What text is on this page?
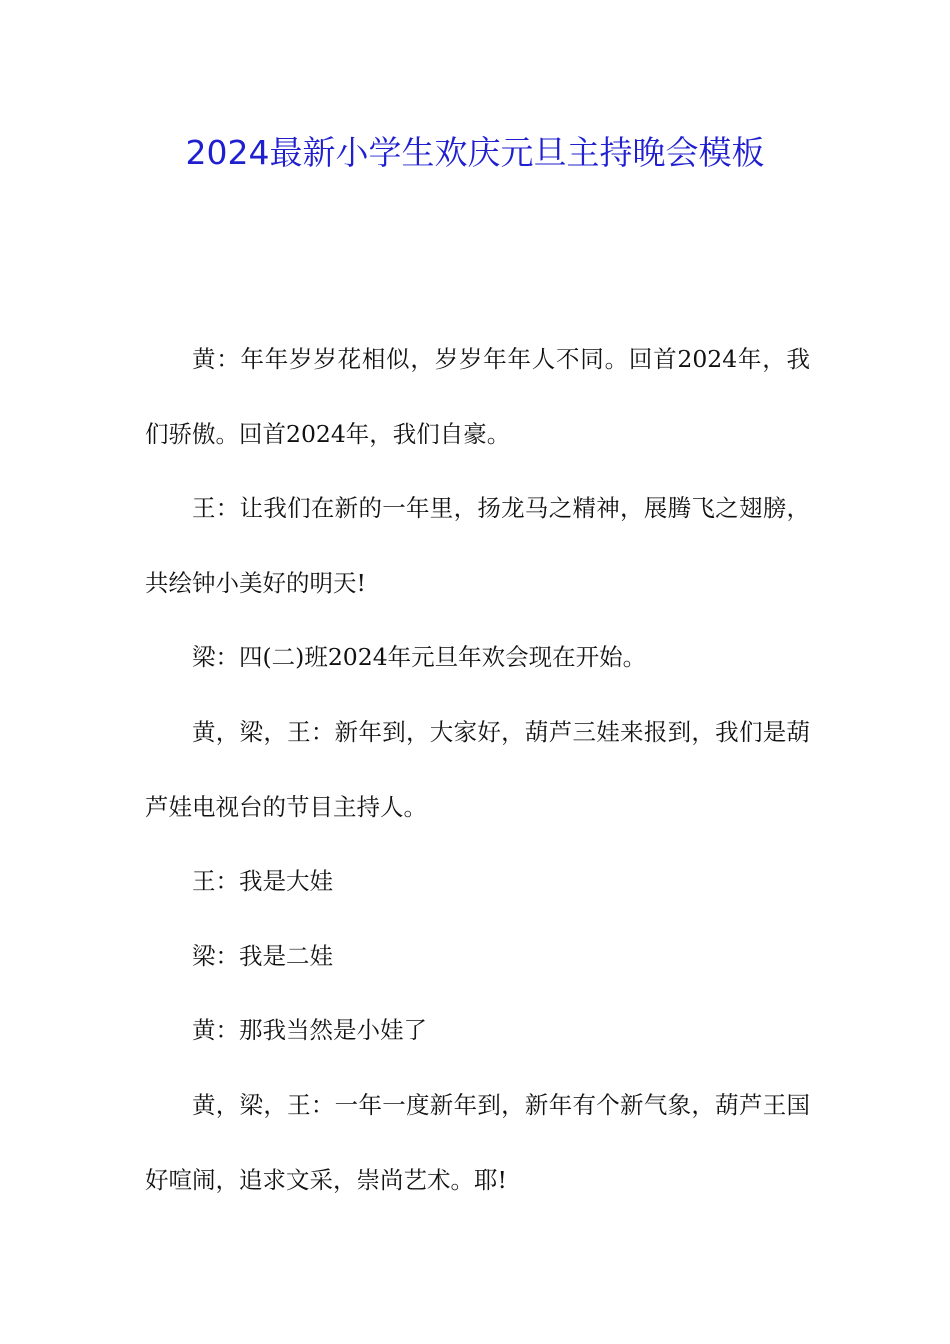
2024最新小学生欢庆元旦主持晚会模板

黄：年年岁岁花相似，岁岁年年人不同。回首2024年，我们骄傲。回首2024年，我们自豪。

王：让我们在新的一年里，扬龙马之精神，展腾飞之翅膀，共绘钟小美好的明天!

梁：四(二)班2024年元旦年欢会现在开始。

黄，梁，王：新年到，大家好，葫芦三娃来报到，我们是葫芦娃电视台的节目主持人。

王：我是大娃

梁：我是二娃

黄：那我当然是小娃了

黄，梁，王：一年一度新年到，新年有个新气象，葫芦王国好喧闹，追求文采，崇尚艺术。耶!
